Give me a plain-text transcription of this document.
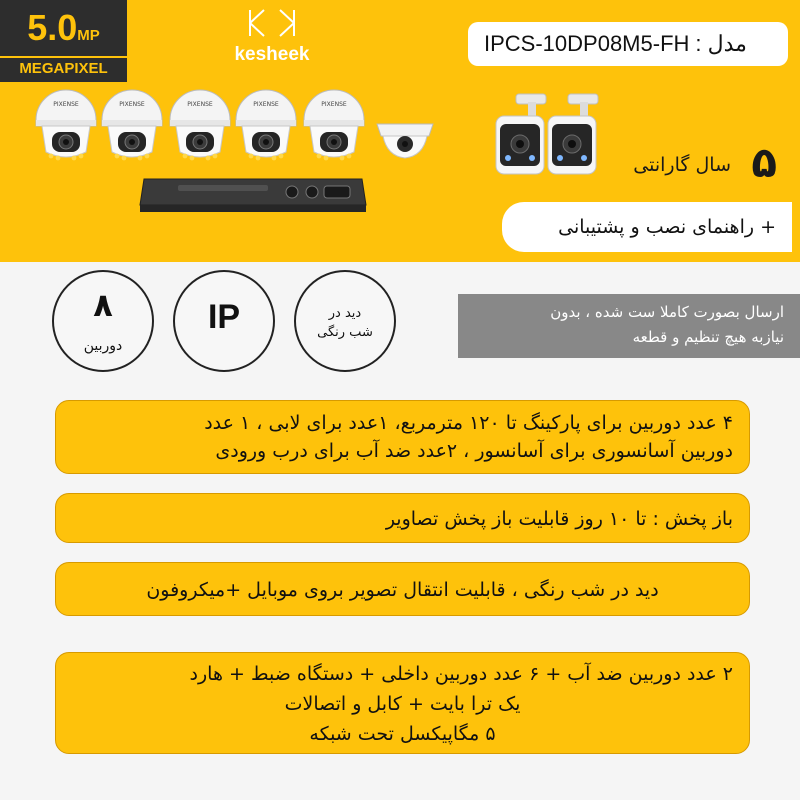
5.0MP
MEGAPIXEL
kesheek	مدل :
IPCS-10DP08M5-FH
PIXENSE	PIXENSE	PIXENSE	PIXENSE	PIXENSE
۵
سال گارانتی
+ راهنمای نصب و پشتیبانی
۸
دوربین
IP	دید در
شب رنگی
ارسال بصورت کاملا ست شده ، بدون
نیازبه هیچ تنظیم و قطعه
۴ عدد دوربین برای پارکینگ تا ۱۲۰ مترمربع، ۱عدد برای لابی ، ۱ عدد
دوربین آسانسوری برای آسانسور ، ۲عدد ضد آب برای درب ورودی
باز پخش : تا ۱۰ روز قابلیت باز پخش تصاویر
دید در شب رنگی ، قابلیت انتقال تصویر بروی موبایل +میکروفون
۲ عدد دوربین ضد آب + ۶ عدد دوربین داخلی + دستگاه ضبط + هارد
یک ترا بایت + کابل و اتصالات
۵ مگاپیکسل تحت شبکه
